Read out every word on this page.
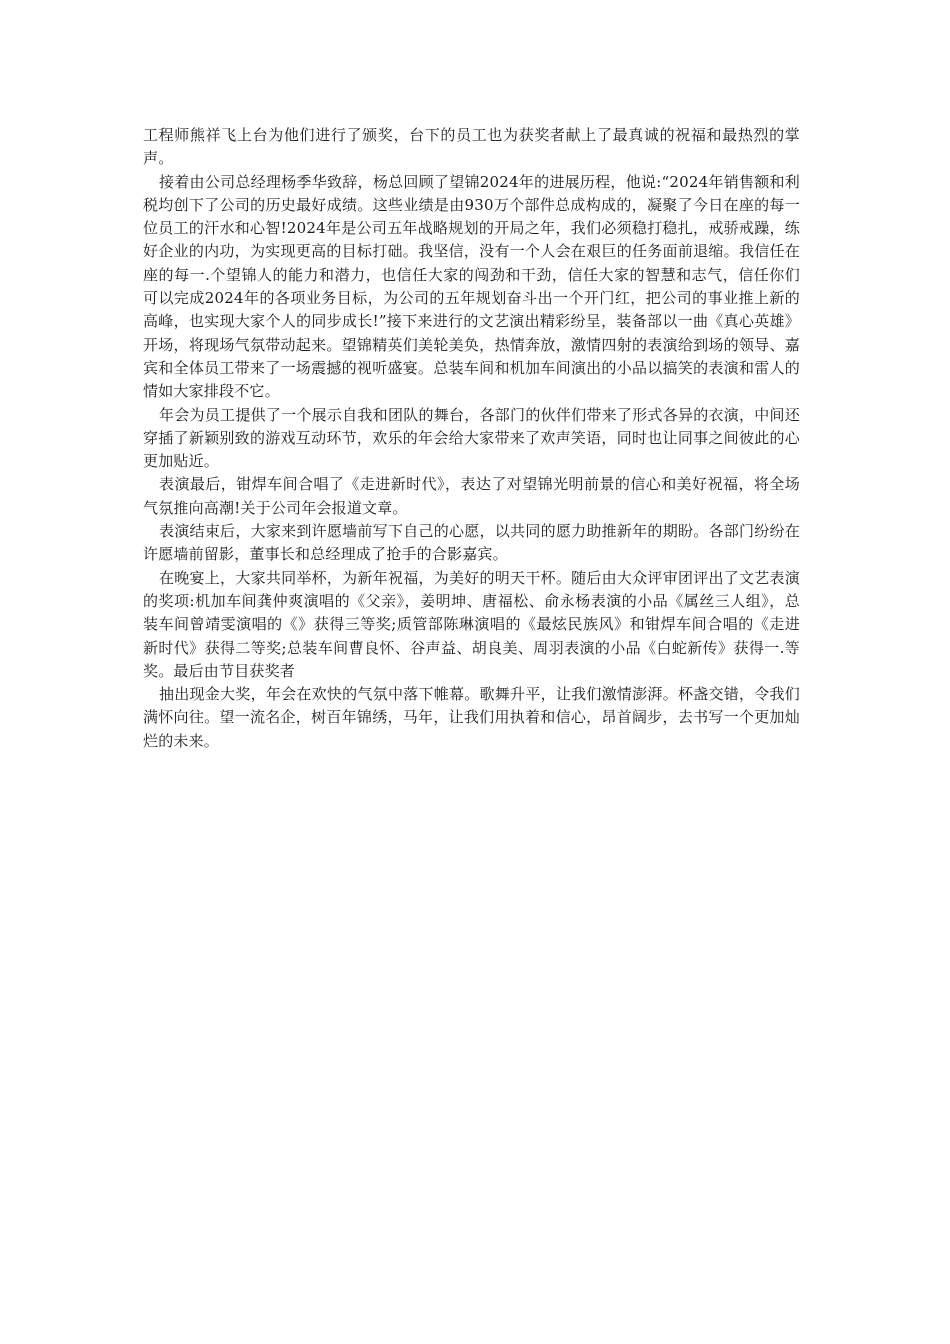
工程师熊祥飞上台为他们进行了颁奖，台下的员工也为获奖者献上了最真诚的祝福和最热烈的掌声。

接着由公司总经理杨季华致辞，杨总回顾了望锦2024年的进展历程，他说:“2024年销售额和利税均创下了公司的历史最好成绩。这些业绩是由930万个部件总成构成的，凝聚了今日在座的每一位员工的汗水和心智!2024年是公司五年战略规划的开局之年，我们必须稳打稳扎，戒骄戒躁，练好企业的内功，为实现更高的目标打础。我坚信，没有一个人会在艰巨的任务面前退缩。我信任在座的每一.个望锦人的能力和潜力，也信任大家的闯劲和干劲，信任大家的智慧和志气，信任你们可以完成2024年的各项业务目标，为公司的五年规划奋斗出一个开门红，把公司的事业推上新的高峰，也实现大家个人的同步成长!”接下来进行的文艺演出精彩纷呈，装备部以一曲《真心英雄》开场，将现场气氛带动起来。望锦精英们美轮美奂，热情奔放，激情四射的表演给到场的领导、嘉宾和全体员工带来了一场震撼的视听盛宴。总装车间和机加车间演出的小品以搞笑的表演和雷人的情如大家排段不它。

年会为员工提供了一个展示自我和团队的舞台，各部门的伙伴们带来了形式各异的衣演，中间还穿插了新颖别致的游戏互动环节，欢乐的年会给大家带来了欢声笑语，同时也让同事之间彼此的心更加贴近。

表演最后，钳焊车间合唱了《走进新时代》，表达了对望锦光明前景的信心和美好祝福，将全场气氛推向高潮!关于公司年会报道文章。

表演结束后，大家来到许愿墙前写下自己的心愿，以共同的愿力助推新年的期盼。各部门纷纷在许愿墙前留影，董事长和总经理成了抢手的合影嘉宾。

在晚宴上，大家共同举杯，为新年祝福，为美好的明天干杯。随后由大众评审团评出了文艺表演的奖项:机加车间龚仲爽演唱的《父亲》，姜明坤、唐福松、俞永杨表演的小品《属丝三人组》，总装车间曾靖雯演唱的《》获得三等奖;质管部陈琳演唱的《最炫民族风》和钳焊车间合唱的《走进新时代》获得二等奖;总装车间曹良怀、谷声益、胡良美、周羽表演的小品《白蛇新传》获得一.等奖。最后由节目获奖者

抽出现金大奖，年会在欢快的气氛中落下帷幕。歌舞升平，让我们激情澎湃。杯盏交错，令我们满怀向往。望一流名企，树百年锦绣，马年，让我们用执着和信心，昂首阔步，去书写一个更加灿烂的未来。
